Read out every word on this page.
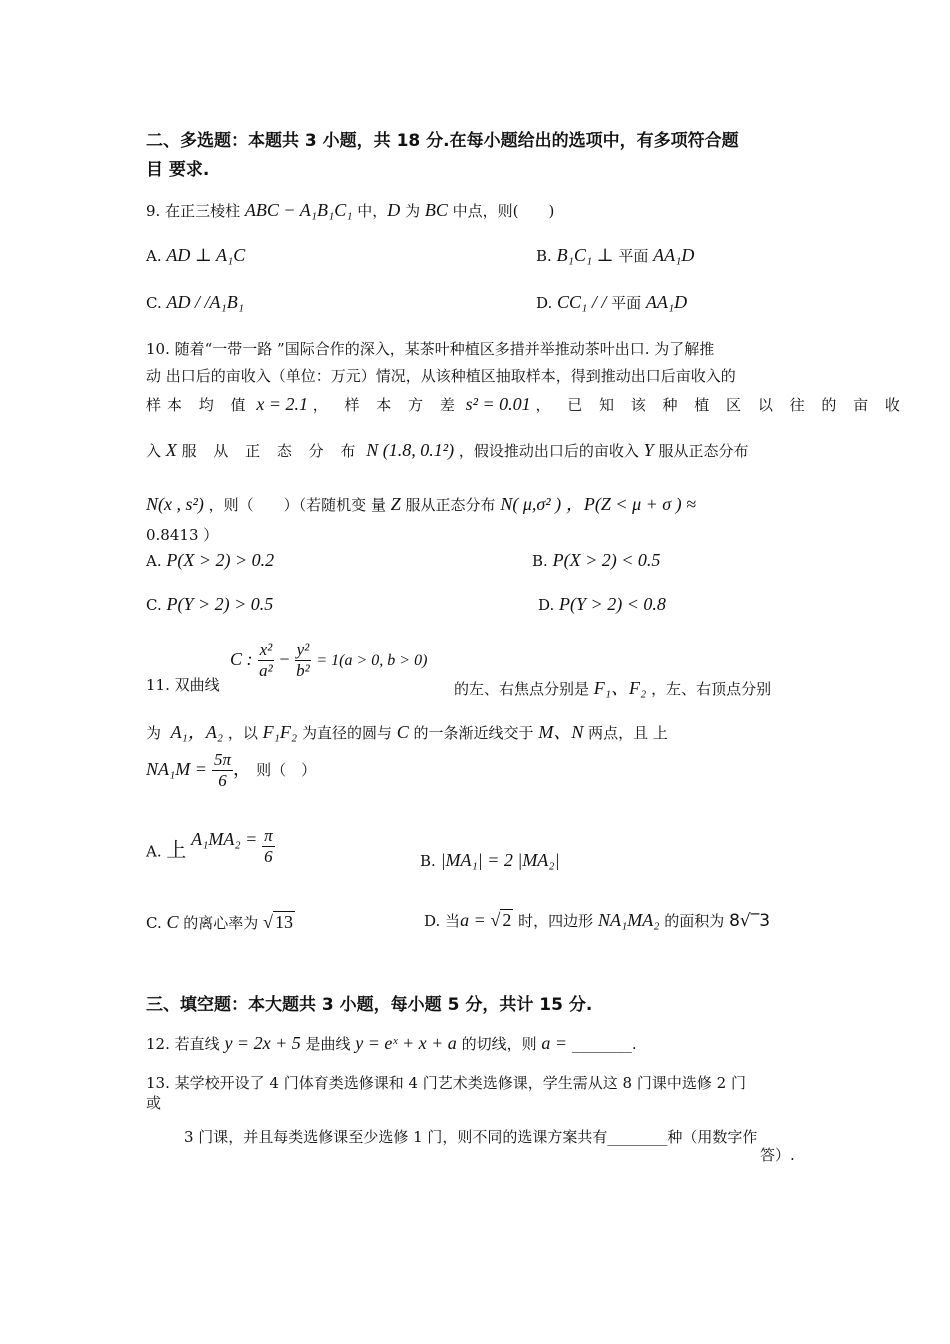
二、多选题：本题共 3 小题，共 18 分.在每小题给出的选项中，有多项符合题
目 要求.
9. 在正三棱柱 ABC − A₁B₁C₁ 中，D 为 BC 中点，则(　　)
A. AD ⊥ A₁C	B. B₁C₁ ⊥ 平面 AA₁D
C. AD / /A₁B₁	D. CC₁ / / 平面 AA₁D
10. 随着“一带一路 ”国际合作的深入，某茶叶种植区多措并举推动茶叶出口. 为了解推
动 出口后的亩收入（单位：万元）情况，从该种植区抽取样本，得到推动出口后亩收入的
样本 均 值 x = 2.1 ， 样 本 方 差 s² = 0.01 ， 已 知 该 种 植 区 以 往 的 亩 收
入 X 服 从 正 态 分 布 N (1.8, 0.1²) ，假设推动出口后的亩收入 Y 服从正态分布
N(x , s²) ，则（　　）（若随机变 量 Z 服从正态分布 N( μ,σ² ) ，P(Z < μ + σ ) ≈
0.8413 ）
A. P(X > 2) > 0.2	B. P(X > 2) < 0.5
C. P(Y > 2) > 0.5	D. P(Y > 2) < 0.8
11. 双曲线
C : $\frac{\text{x²}}{\text{a²}} - \frac{\text{y²}}{\text{b²}} = 1(a > 0$, b > 0)
的左、右焦点分别是 F₁、F₂ ，左、右顶点分别
为 A₁，A₂ ，以 F₁F₂ 为直径的圆与 C 的一条渐近线交于 M、N 两点，且 上
$NA_1M = \frac{5\pi}{6}$ ， 则（　）
A. 上 $A_1MA_2 = \frac{\pi}{6}$	B. |MA₁| = 2 |MA₂|
C. C 的离心率为 √ 13	D. 当a = √ 2 时，四边形 NA₁MA₂ 的面积为 8√‾3
三、填空题：本大题共 3 小题，每小题 5 分，共计 15 分.
12. 若直线 y = 2x + 5 是曲线 y = eˣ + x + a 的切线，则 a = ________.
13. 某学校开设了 4 门体育类选修课和 4 门艺术类选修课，学生需从这 8 门课中选修 2 门
或
3 门课，并且每类选修课至少选修 1 门，则不同的选课方案共有________种（用数字作
答）.
